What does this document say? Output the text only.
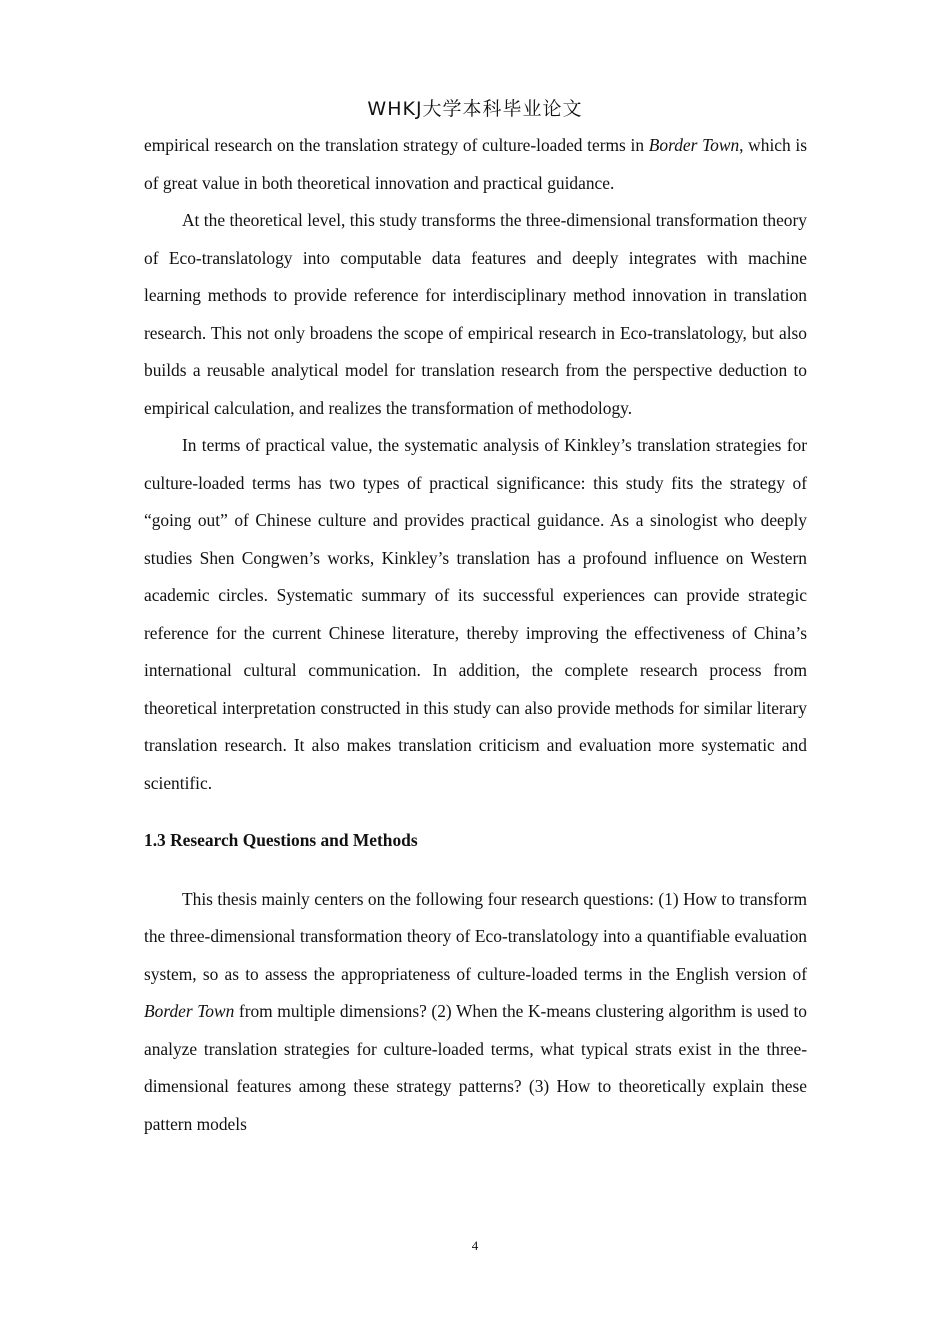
WHKJ大学本科毕业论文

empirical research on the translation strategy of culture-loaded terms in Border Town, which is of great value in both theoretical innovation and practical guidance.

At the theoretical level, this study transforms the three-dimensional transformation theory of Eco-translatology into computable data features and deeply integrates with machine learning methods to provide reference for interdisciplinary method innovation in translation research. This not only broadens the scope of empirical research in Eco-translatology, but also builds a reusable analytical model for translation research from the perspective deduction to empirical calculation, and realizes the transformation of methodology.

In terms of practical value, the systematic analysis of Kinkley’s translation strategies for culture-loaded terms has two types of practical significance: this study fits the strategy of “going out” of Chinese culture and provides practical guidance. As a sinologist who deeply studies Shen Congwen’s works, Kinkley’s translation has a profound influence on Western academic circles. Systematic summary of its successful experiences can provide strategic reference for the current Chinese literature, thereby improving the effectiveness of China’s international cultural communication. In addition, the complete research process from theoretical interpretation constructed in this study can also provide methods for similar literary translation research. It also makes translation criticism and evaluation more systematic and scientific.

1.3 Research Questions and Methods

This thesis mainly centers on the following four research questions: (1) How to transform the three-dimensional transformation theory of Eco-translatology into a quantifiable evaluation system, so as to assess the appropriateness of culture-loaded terms in the English version of Border Town from multiple dimensions? (2) When the K-means clustering algorithm is used to analyze translation strategies for culture-loaded terms, what typical strats exist in the three-dimensional features among these strategy patterns? (3) How to theoretically explain these pattern models

4
